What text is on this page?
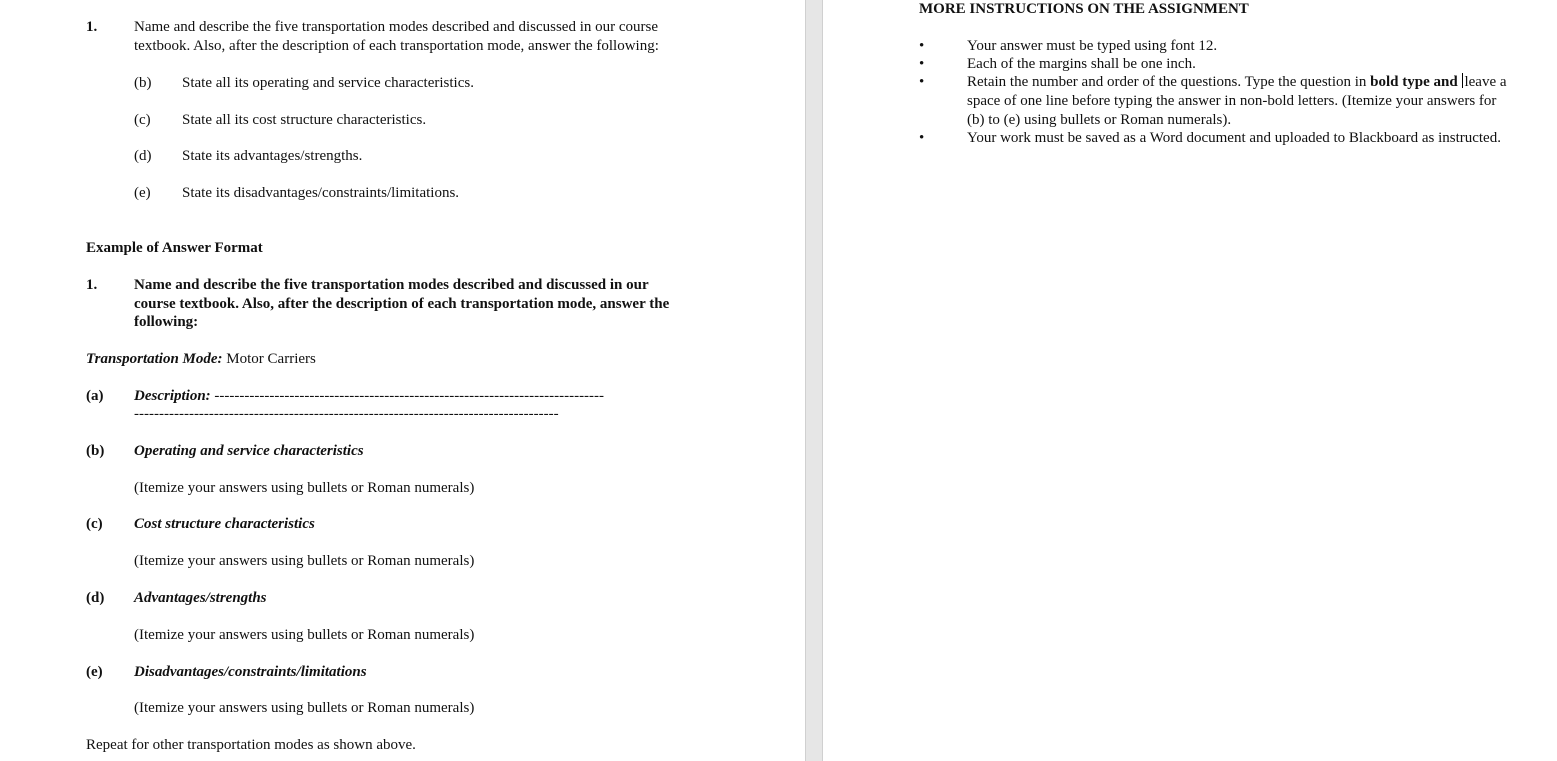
1. Name and describe the five transportation modes described and discussed in our course
textbook. Also, after the description of each transportation mode, answer the following:
(b) State all its operating and service characteristics.
(c) State all its cost structure characteristics.
(d) State its advantages/strengths.
(e) State its disadvantages/constraints/limitations.
Example of Answer Format
1. Name and describe the five transportation modes described and discussed in our
course textbook. Also, after the description of each transportation mode, answer the
following:
Transportation Mode: Motor Carriers
(a) Description: ------------------------------------------------------------------------------
-------------------------------------------------------------------------------------
(b) Operating and service characteristics
(Itemize your answers using bullets or Roman numerals)
(c) Cost structure characteristics
(Itemize your answers using bullets or Roman numerals)
(d) Advantages/strengths
(Itemize your answers using bullets or Roman numerals)
(e) Disadvantages/constraints/limitations
(Itemize your answers using bullets or Roman numerals)
Repeat for other transportation modes as shown above.
MORE INSTRUCTIONS ON THE ASSIGNMENT
•	Your answer must be typed using font 12.
•	Each of the margins shall be one inch.
•	Retain the number and order of the questions. Type the question in bold type and leave a
space of one line before typing the answer in non-bold letters. (Itemize your answers for
(b) to (e) using bullets or Roman numerals).
•	Your work must be saved as a Word document and uploaded to Blackboard as instructed.
